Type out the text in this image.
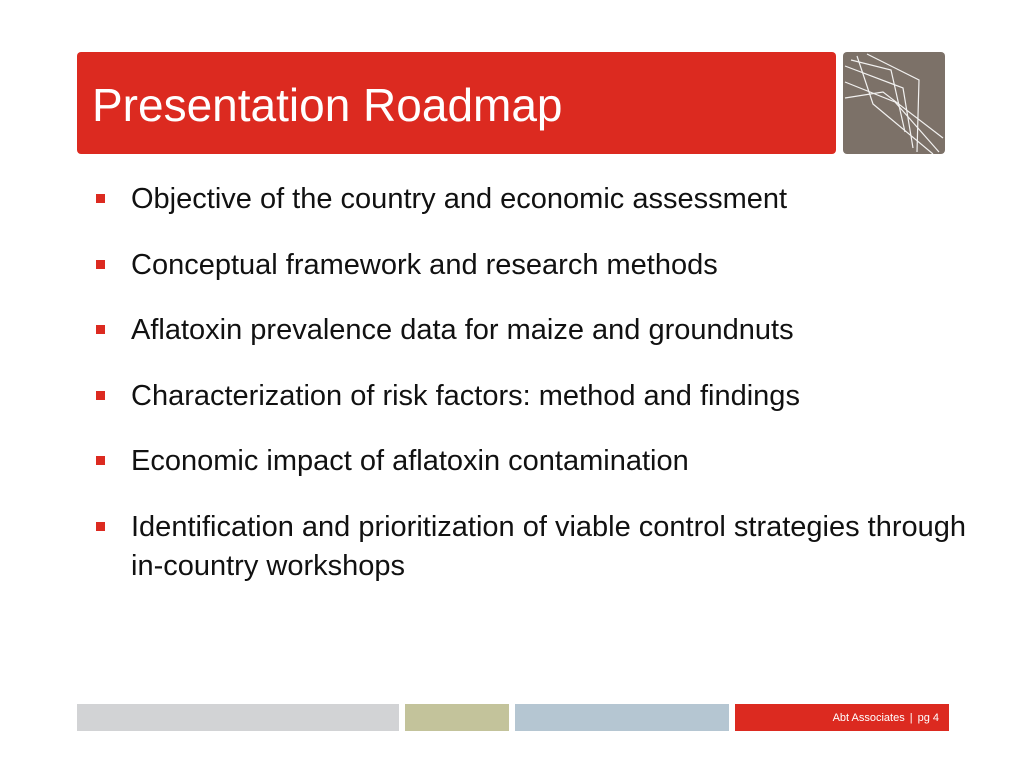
Presentation Roadmap
Objective of the country and economic assessment
Conceptual framework and research methods
Aflatoxin prevalence data for maize and groundnuts
Characterization of risk factors: method and findings
Economic impact of aflatoxin contamination
Identification and prioritization of viable control strategies through in-country workshops
Abt Associates | pg 4
